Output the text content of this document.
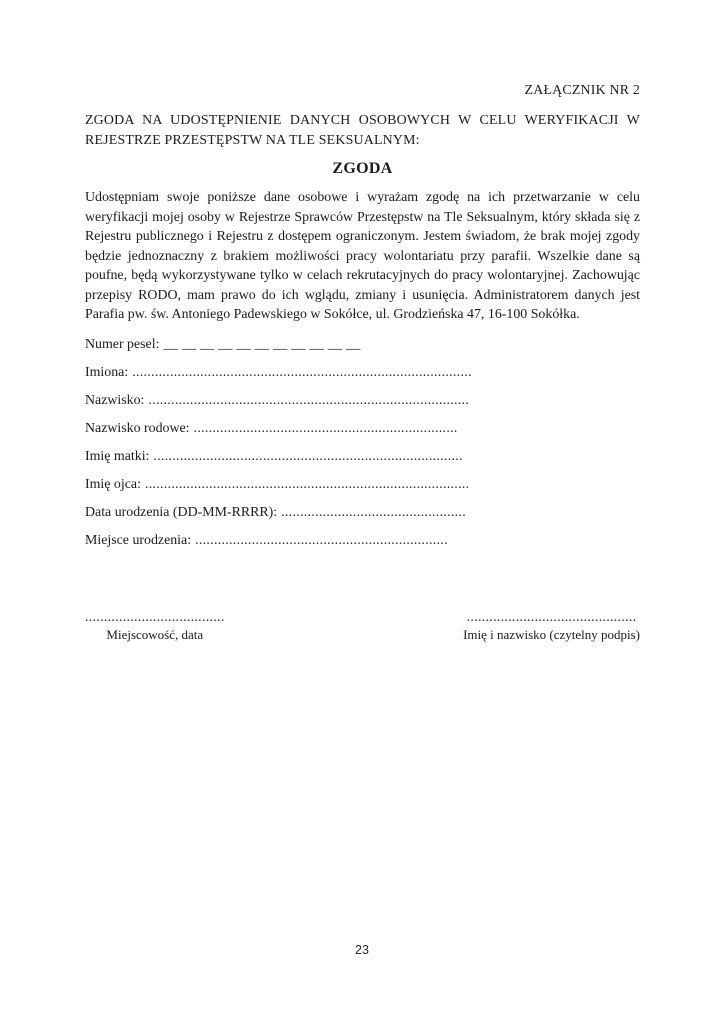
ZAŁĄCZNIK NR 2
ZGODA NA UDOSTĘPNIENIE DANYCH OSOBOWYCH W CELU WERYFIKACJI W REJESTRZE PRZESTĘPSTW NA TLE SEKSUALNYM:
ZGODA
Udostępniam swoje poniższe dane osobowe i wyrażam zgodę na ich przetwarzanie w celu weryfikacji mojej osoby w Rejestrze Sprawców Przestępstw na Tle Seksualnym, który składa się z Rejestru publicznego i Rejestru z dostępem ograniczonym. Jestem świadom, że brak mojej zgody będzie jednoznaczny z brakiem możliwości pracy wolontariatu przy parafii. Wszelkie dane są poufne, będą wykorzystywane tylko w celach rekrutacyjnych do pracy wolontaryjnej. Zachowując przepisy RODO, mam prawo do ich wglądu, zmiany i usunięcia. Administratorem danych jest Parafia pw. św. Antoniego Padewskiego w Sokółce, ul. Grodzieńska 47, 16-100 Sokółka.
Numer pesel: __ __ __ __ __ __ __ __ __ __ __
Imiona: ..........................................................................................
Nazwisko: .....................................................................................
Nazwisko rodowe: ......................................................................
Imię matki: ..................................................................................
Imię ojca: ......................................................................................
Data urodzenia (DD-MM-RRRR): .................................................
Miejsce urodzenia: ...................................................................
.....................................
Miejscowość, data
.............................................
Imię i nazwisko (czytelny podpis)
23
